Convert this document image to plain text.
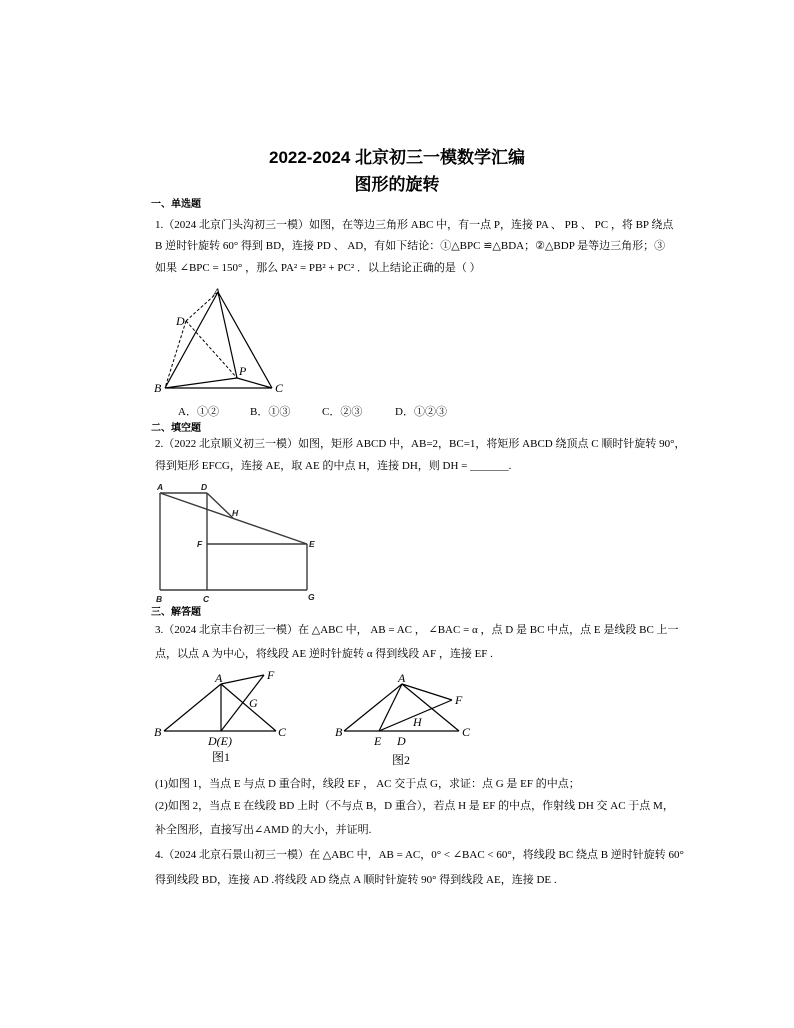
2022-2024 北京初三一模数学汇编
图形的旋转
一、单选题
1.（2024 北京门头沟初三一模）如图，在等边三角形 ABC 中，有一点 P，连接 PA 、 PB 、 PC ，将 BP 绕点
B 逆时针旋转 60° 得到 BD，连接 PD 、 AD，有如下结论：①△BPC ≌△BDA；②△BDP 是等边三角形；③
如果 ∠BPC = 150° ，那么 PA² = PB² + PC² ．以上结论正确的是（ ）
A
D
P
B	C
A．①②	B．①③	C．②③	D．①②③
二、填空题
2.（2022 北京顺义初三一模）如图，矩形 ABCD 中，AB=2，BC=1，将矩形 ABCD 绕顶点 C 顺时针旋转 90°，
得到矩形 EFCG，连接 AE，取 AE 的中点 H，连接 DH，则 DH = _______.
A	D
H
F	E
B	C	G
三、解答题
3.（2024 北京丰台初三一模）在 △ABC 中， AB = AC ， ∠BAC = α ，点 D 是 BC 中点，点 E 是线段 BC 上一
点，以点 A 为中心，将线段 AE 逆时针旋转 α 得到线段 AF ，连接 EF .
A	F
G
B	C
D(E)
图1
A
F
H
B
E D
C
图2
(1)如图 1，当点 E 与点 D 重合时，线段 EF ， AC 交于点 G，求证：点 G 是 EF 的中点；
(2)如图 2，当点 E 在线段 BD 上时（不与点 B，D 重合），若点 H 是 EF 的中点，作射线 DH 交 AC 于点 M，
补全图形，直接写出∠AMD 的大小，并证明.
4.（2024 北京石景山初三一模）在 △ABC 中，AB = AC，0° < ∠BAC < 60°，将线段 BC 绕点 B 逆时针旋转 60°
得到线段 BD，连接 AD .将线段 AD 绕点 A 顺时针旋转 90° 得到线段 AE，连接 DE .
